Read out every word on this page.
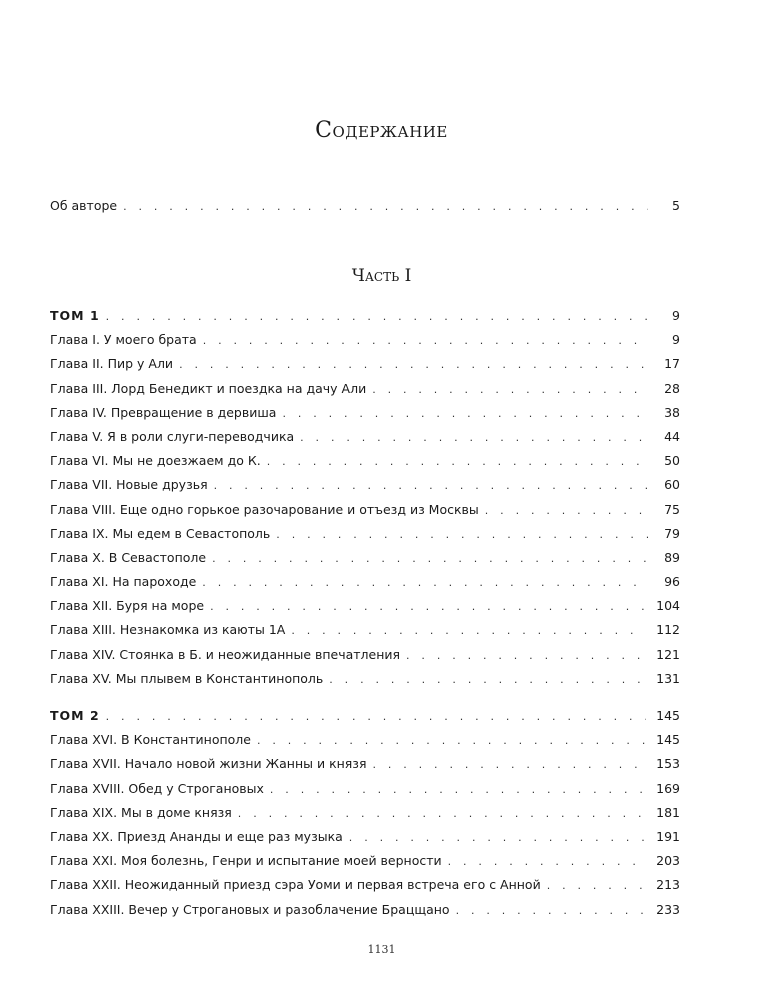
Содержание
Об авторе . . .	5
Часть I
ТОМ 1 . . .	9
Глава I. У моего брата . . .	9
Глава II. Пир у Али . . .	17
Глава III. Лорд Бенедикт и поездка на дачу Али . . .	28
Глава IV. Превращение в дервиша . . .	38
Глава V. Я в роли слуги-переводчика . . .	44
Глава VI. Мы не доезжаем до К. . . .	50
Глава VII. Новые друзья . . .	60
Глава VIII. Еще одно горькое разочарование и отъезд из Москвы . . .	75
Глава IX. Мы едем в Севастополь . . .	79
Глава X. В Севастополе . . .	89
Глава XI. На пароходе . . .	96
Глава XII. Буря на море . . .	104
Глава XIII. Незнакомка из каюты 1А . . .	112
Глава XIV. Стоянка в Б. и неожиданные впечатления . . .	121
Глава XV. Мы плывем в Константинополь . . .	131
ТОМ 2 . . .	145
Глава XVI. В Константинополе . . .	145
Глава XVII. Начало новой жизни Жанны и князя . . .	153
Глава XVIII. Обед у Строгановых . . .	169
Глава XIX. Мы в доме князя . . .	181
Глава XX. Приезд Ананды и еще раз музыка . . .	191
Глава XXI. Моя болезнь, Генри и испытание моей верности . . .	203
Глава XXII. Неожиданный приезд сэра Уоми и первая встреча его с Анной . . .	213
Глава XXIII. Вечер у Строгановых и разоблачение Брацщано . . .	233
1131
